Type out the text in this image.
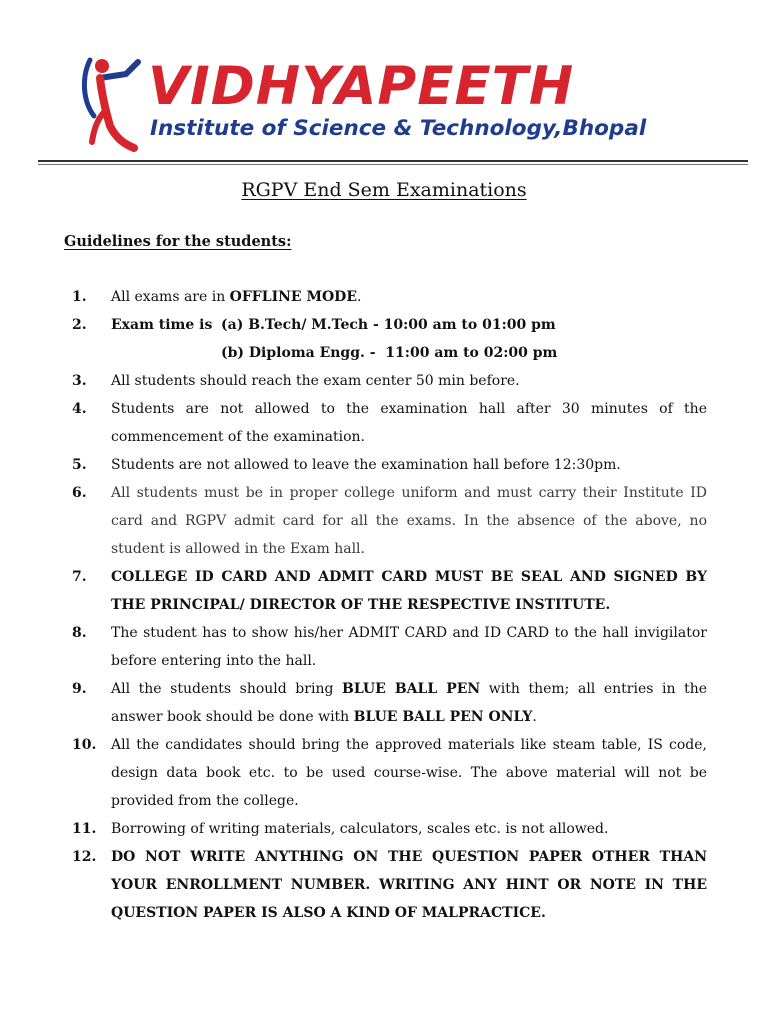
VIDHYAPEETH
Institute of Science & Technology,Bhopal
RGPV End Sem Examinations
Guidelines for the students:
1.	All exams are in OFFLINE MODE.
2.	Exam time is (a) B.Tech/ M.Tech - 10:00 am to 01:00 pm
(b) Diploma Engg. -  11:00 am to 02:00 pm
3.	All students should reach the exam center 50 min before.
4.	Students are not allowed to the examination hall after 30 minutes of the commencement of the examination.
5.	Students are not allowed to leave the examination hall before 12:30pm.
6.	All students must be in proper college uniform and must carry their Institute ID card and RGPV admit card for all the exams. In the absence of the above, no student is allowed in the Exam hall.
7.	COLLEGE ID CARD AND ADMIT CARD MUST BE SEAL AND SIGNED BY THE PRINCIPAL/ DIRECTOR OF THE RESPECTIVE INSTITUTE.
8.	The student has to show his/her ADMIT CARD and ID CARD to the hall invigilator before entering into the hall.
9.	All the students should bring BLUE BALL PEN with them; all entries in the answer book should be done with BLUE BALL PEN ONLY.
10.	All the candidates should bring the approved materials like steam table, IS code, design data book etc. to be used course-wise. The above material will not be provided from the college.
11.	Borrowing of writing materials, calculators, scales etc. is not allowed.
12.	DO NOT WRITE ANYTHING ON THE QUESTION PAPER OTHER THAN YOUR ENROLLMENT NUMBER. WRITING ANY HINT OR NOTE IN THE QUESTION PAPER IS ALSO A KIND OF MALPRACTICE.
